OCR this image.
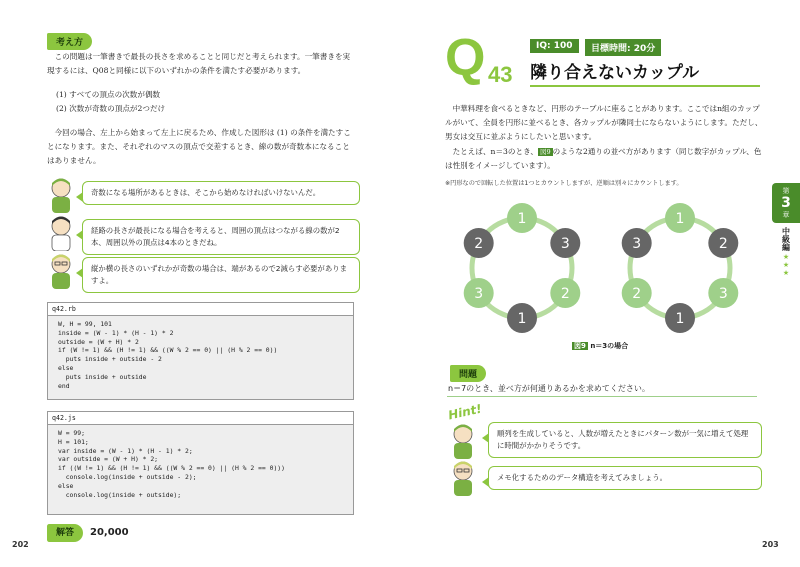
考え方
この問題は一筆書きで最長の長さを求めることと同じだと考えられます。一筆書きを実現するには、Q08と同様に以下のいずれかの条件を満たす必要があります。
(1) すべての頂点の次数が偶数
(2) 次数が奇数の頂点が2つだけ
今回の場合、左上から始まって左上に戻るため、作成した図形は (1) の条件を満たすことになります。また、それぞれのマスの頂点で交差するとき、線の数が奇数本になることはありません。
奇数になる場所があるときは、そこから始めなければいけないんだ。
経路の長さが最長になる場合を考えると、周囲の頂点はつながる線の数が2本、周囲以外の頂点は4本のときだね。
縦か横の長さのいずれかが奇数の場合は、端があるので2減らす必要がありますよ。
q42.rb
W, H = 99, 101
inside = (W - 1) * (H - 1) * 2
outside = (W + H) * 2
if (W != 1) && (H != 1) && ((W % 2 == 0) || (H % 2 == 0))
puts inside + outside - 2
else
puts inside + outside
end
q42.js
W = 99;
H = 101;
var inside = (W - 1) * (H - 1) * 2;
var outside = (W + H) * 2;
if ((W != 1) && (H != 1) && ((W % 2 == 0) || (H % 2 == 0)))
console.log(inside + outside - 2);
else
console.log(inside + outside);
解答	20,000
202
Q 43
IQ: 100	目標時間: 20分
隣り合えないカップル
中華料理を食べるときなど、円形のテーブルに座ることがあります。ここではn組のカップルがいて、全員を円形に並べるとき、各カップルが隣同士にならないようにします。ただし、男女は交互に並ぶようにしたいと思います。
たとえば、n＝3のとき、 図9 のような2通りの並べ方があります（同じ数字がカップル、色は性別をイメージしています）。
※円形なので回転した位置は1つとカウントしますが、逆順は別々にカウントします。
1
3
2
1
3
2
1
2
3
1
2
3
図9 n＝3の場合
問題
n＝7のとき、並べ方が何通りあるかを求めてください。
Hint!
順列を生成していると、人数が増えたときにパターン数が一気に増えて処理に時間がかかりそうです。
メモ化するためのデータ構造を考えてみましょう。
203
第
3
章
中級編
★★★
